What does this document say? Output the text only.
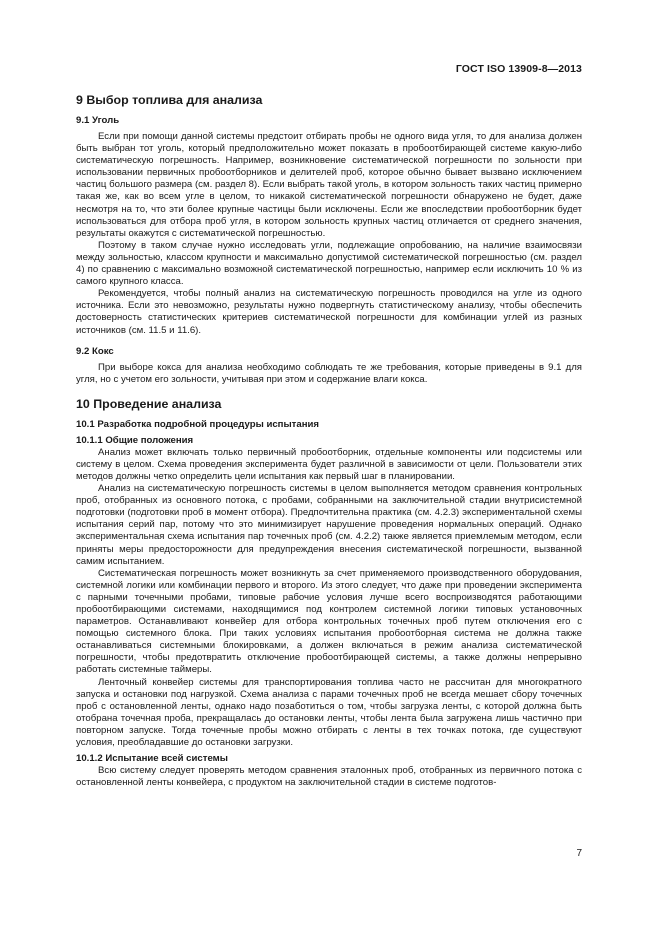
ГОСТ ISO 13909-8—2013
9 Выбор топлива для анализа
9.1 Уголь

Если при помощи данной системы предстоит отбирать пробы не одного вида угля, то для анализа должен быть выбран тот уголь, который предположительно может показать в пробоотбирающей системе какую-либо систематическую погрешность. Например, возникновение систематической погрешности по зольности при использовании первичных пробоотборников и делителей проб, которое обычно бывает вызвано исключением частиц большого размера (см. раздел 8). Если выбрать такой уголь, в котором зольность таких частиц примерно такая же, как во всем угле в целом, то никакой систематической погрешности обнаружено не будет, даже несмотря на то, что эти более крупные частицы были исключены. Если же впоследствии пробоотборник будет использоваться для отбора проб угля, в котором зольность крупных частиц отличается от среднего значения, результаты окажутся с систематической погрешностью.

Поэтому в таком случае нужно исследовать угли, подлежащие опробованию, на наличие взаимосвязи между зольностью, классом крупности и максимально допустимой систематической погрешностью (см. раздел 4) по сравнению с максимально возможной систематической погрешностью, например если исключить 10 % из самого крупного класса.

Рекомендуется, чтобы полный анализ на систематическую погрешность проводился на угле из одного источника. Если это невозможно, результаты нужно подвергнуть статистическому анализу, чтобы обеспечить достоверность статистических критериев систематической погрешности для комбинации углей из разных источников (см. 11.5 и 11.6).

9.2 Кокс

При выборе кокса для анализа необходимо соблюдать те же требования, которые приведены в 9.1 для угля, но с учетом его зольности, учитывая при этом и содержание влаги кокса.

10 Проведение анализа
10.1 Разработка подробной процедуры испытания
10.1.1 Общие положения

Анализ может включать только первичный пробоотборник, отдельные компоненты или подсистемы или систему в целом. Схема проведения эксперимента будет различной в зависимости от цели. Пользователи этих методов должны четко определить цели испытания как первый шаг в планировании.

Анализ на систематическую погрешность системы в целом выполняется методом сравнения контрольных проб, отобранных из основного потока, с пробами, собранными на заключительной стадии внутрисистемной подготовки (подготовки проб в момент отбора). Предпочтительна практика (см. 4.2.3) экспериментальной схемы испытания серий пар, потому что это минимизирует нарушение проведения нормальных операций. Однако экспериментальная схема испытания пар точечных проб (см. 4.2.2) также является приемлемым методом, если приняты меры предосторожности для предупреждения внесения систематической погрешности, вызванной самим испытанием.

Систематическая погрешность может возникнуть за счет применяемого производственного оборудования, системной логики или комбинации первого и второго. Из этого следует, что даже при проведении эксперимента с парными точечными пробами, типовые рабочие условия лучше всего воспроизводятся работающими пробоотбирающими системами, находящимися под контролем системной логики типовых установочных параметров. Останавливают конвейер для отбора контрольных точечных проб путем отключения его с помощью системного блока. При таких условиях испытания пробоотборная система не должна также останавливаться системными блокировками, а должен включаться в режим анализа систематической погрешности, чтобы предотвратить отключение пробоотбирающей системы, а также должны непрерывно работать системные таймеры.

Ленточный конвейер системы для транспортирования топлива часто не рассчитан для многократного запуска и остановки под нагрузкой. Схема анализа с парами точечных проб не всегда мешает сбору точечных проб с остановленной ленты, однако надо позаботиться о том, чтобы загрузка ленты, с которой должна быть отобрана точечная проба, прекращалась до остановки ленты, чтобы лента была загружена лишь частично при повторном запуске. Тогда точечные пробы можно отбирать с ленты в тех точках потока, где существуют условия, преобладавшие до остановки загрузки.

10.1.2 Испытание всей системы

Всю систему следует проверять методом сравнения эталонных проб, отобранных из первичного потока с остановленной ленты конвейера, с продуктом на заключительной стадии в системе подготов-

7
